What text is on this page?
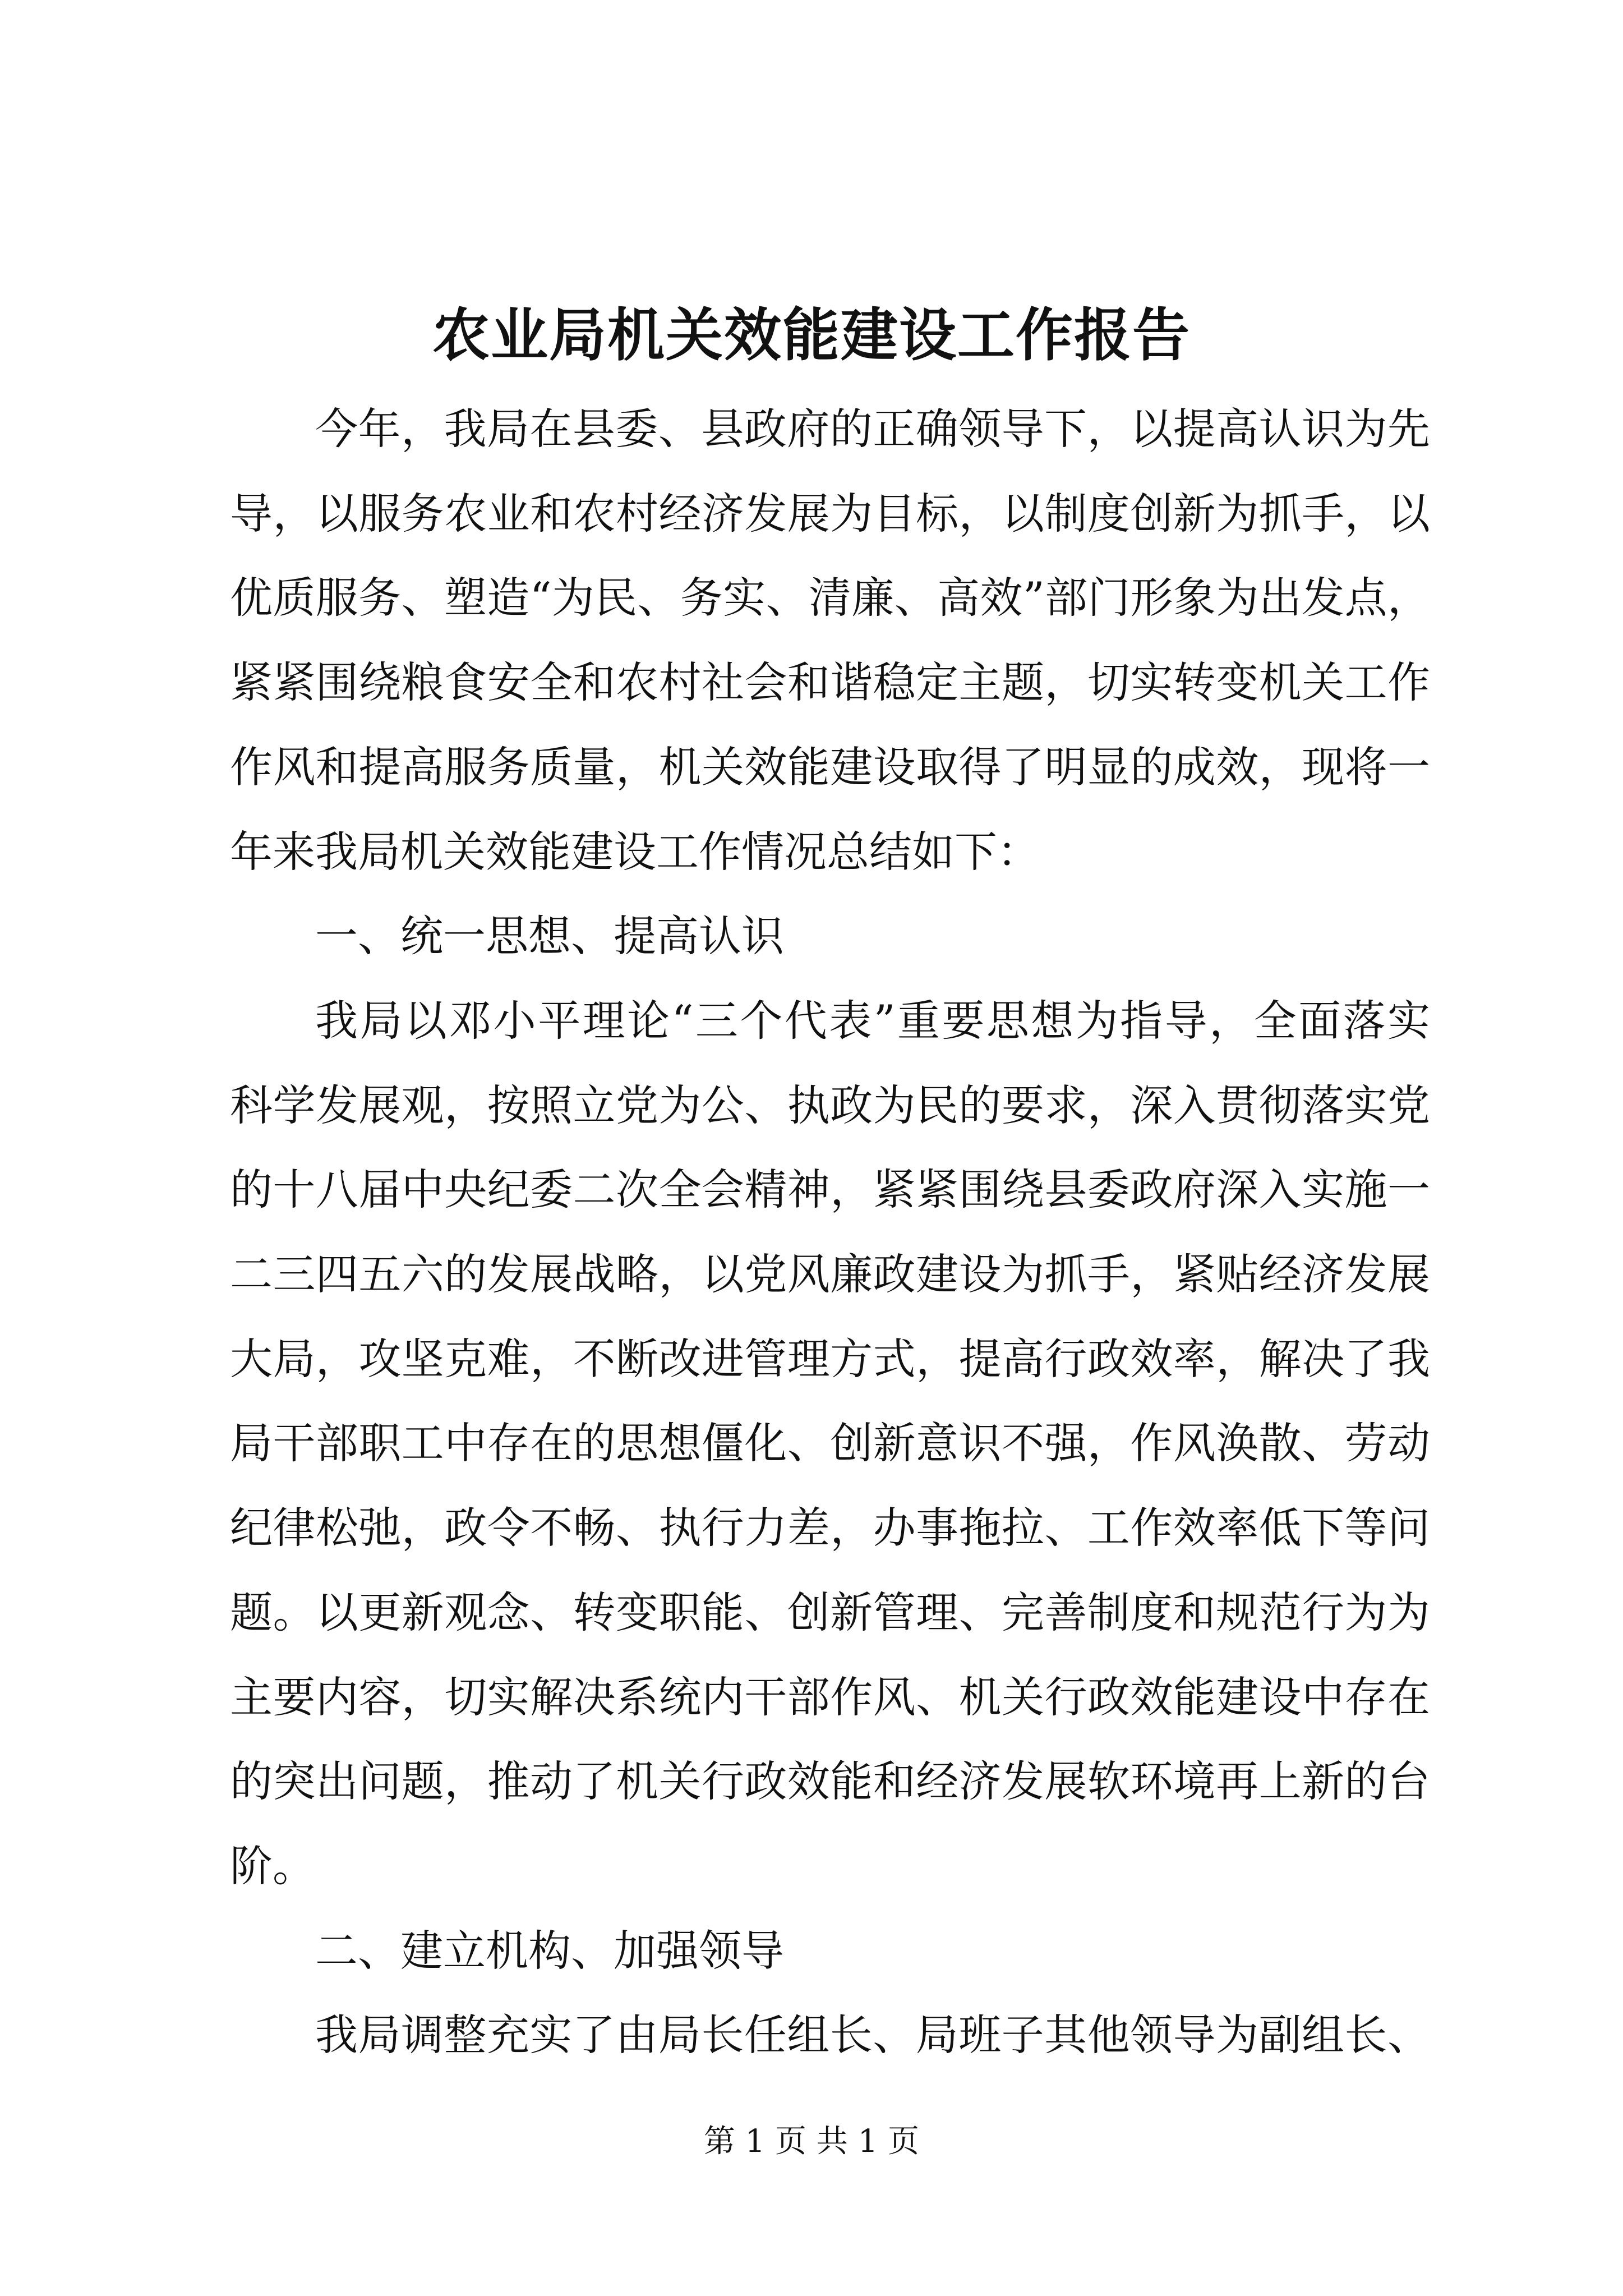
农业局机关效能建设工作报告
今年，我局在县委、县政府的正确领导下，以提高认识为先
导，以服务农业和农村经济发展为目标，以制度创新为抓手，以
优质服务、塑造“为民、务实、清廉、高效”部门形象为出发点，
紧紧围绕粮食安全和农村社会和谐稳定主题，切实转变机关工作
作风和提高服务质量，机关效能建设取得了明显的成效，现将一
年来我局机关效能建设工作情况总结如下：
一、统一思想、提高认识
我局以邓小平理论“三个代表”重要思想为指导，全面落实
科学发展观，按照立党为公、执政为民的要求，深入贯彻落实党
的十八届中央纪委二次全会精神，紧紧围绕县委政府深入实施一
二三四五六的发展战略，以党风廉政建设为抓手，紧贴经济发展
大局，攻坚克难，不断改进管理方式，提高行政效率，解决了我
局干部职工中存在的思想僵化、创新意识不强，作风涣散、劳动
纪律松弛，政令不畅、执行力差，办事拖拉、工作效率低下等问
题。以更新观念、转变职能、创新管理、完善制度和规范行为为
主要内容，切实解决系统内干部作风、机关行政效能建设中存在
的突出问题，推动了机关行政效能和经济发展软环境再上新的台
阶。
二、建立机构、加强领导
我局调整充实了由局长任组长、局班子其他领导为副组长、
第 1 页 共 1 页
